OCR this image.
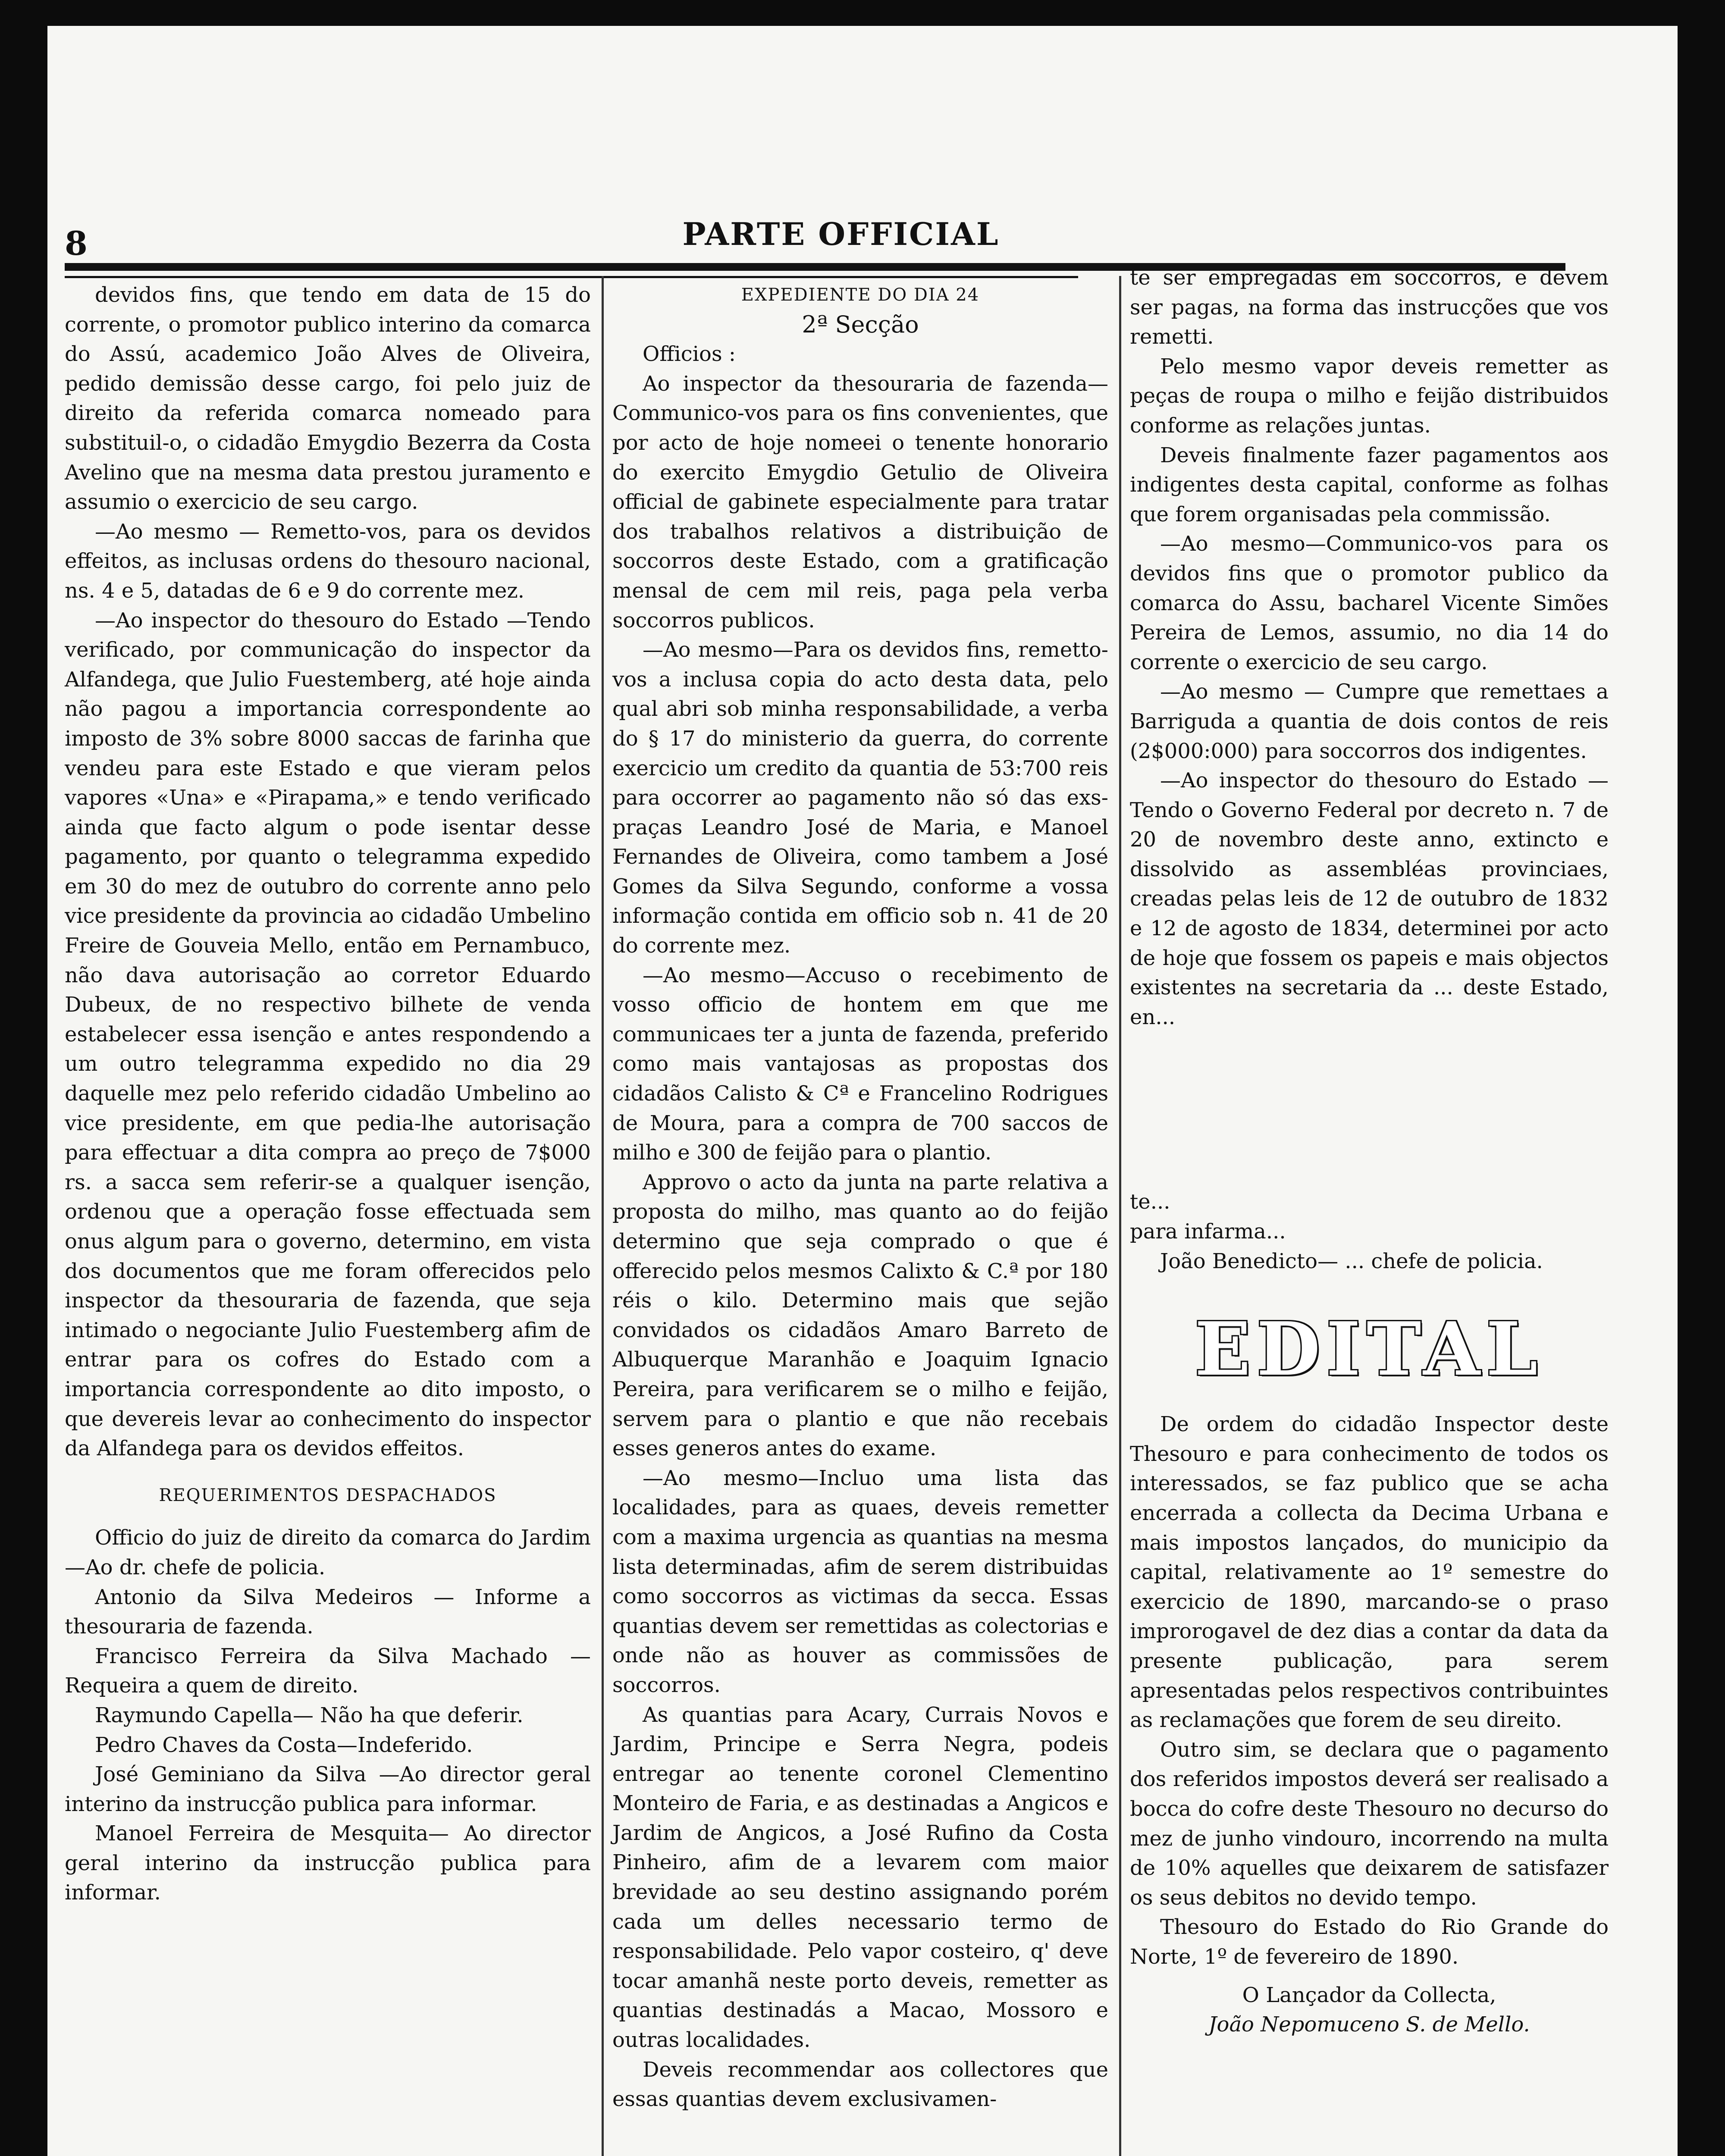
8	PARTE OFFICIAL

devidos fins, que tendo em data de 15 do corrente, o promotor publico interino da comarca do Assú, academico João Alves de Oliveira, pedido demissão desse cargo, foi pelo juiz de direito da referida comarca nomeado para substituil-o, o cidadão Emygdio Bezerra da Costa Avelino que na mesma data prestou juramento e assumio o exercicio de seu cargo.

—Ao mesmo — Remetto-vos, para os devidos effeitos, as inclusas ordens do thesouro nacional, ns. 4 e 5, datadas de 6 e 9 do corrente mez.

—Ao inspector do thesouro do Estado —Tendo verificado, por communicação do inspector da Alfandega, que Julio Fuestemberg, até hoje ainda não pagou a importancia correspondente ao imposto de 3% sobre 8000 saccas de farinha que vendeu para este Estado e que vieram pelos vapores «Una» e «Pirapama,» e tendo verificado ainda que facto algum o pode isentar desse pagamento, por quanto o telegramma expedido em 30 do mez de outubro do corrente anno pelo vice presidente da provincia ao cidadão Umbelino Freire de Gouveia Mello, então em Pernambuco, não dava autorisação ao corretor Eduardo Dubeux, de no respectivo bilhete de venda estabelecer essa isenção e antes respondendo a um outro telegramma expedido no dia 29 daquelle mez pelo referido cidadão Umbelino ao vice presidente, em que pedia-lhe autorisação para effectuar a dita compra ao preço de 7$000 rs. a sacca sem referir-se a qualquer isenção, ordenou que a operação fosse effectuada sem onus algum para o governo, determino, em vista dos documentos que me foram offerecidos pelo inspector da thesouraria de fazenda, que seja intimado o negociante Julio Fuestemberg afim de entrar para os cofres do Estado com a importancia correspondente ao dito imposto, o que devereis levar ao conhecimento do inspector da Alfandega para os devidos effeitos.

REQUERIMENTOS DESPACHADOS

Officio do juiz de direito da comarca do Jardim —Ao dr. chefe de policia.

Antonio da Silva Medeiros — Informe a thesouraria de fazenda.

Francisco Ferreira da Silva Machado —Requeira a quem de direito.

Raymundo Capella— Não ha que deferir.

Pedro Chaves da Costa—Indeferido.

José Geminiano da Silva —Ao director geral interino da instrucção publica para informar.

Manoel Ferreira de Mesquita— Ao director geral interino da instrucção publica para informar.

EXPEDIENTE DO DIA 24

2ª Secção

Officios :

Ao inspector da thesouraria de fazenda—Communico-vos para os fins convenientes, que por acto de hoje nomeei o tenente honorario do exercito Emygdio Getulio de Oliveira official de gabinete especialmente para tratar dos trabalhos relativos a distribuição de soccorros deste Estado, com a gratificação mensal de cem mil reis, paga pela verba soccorros publicos.

—Ao mesmo—Para os devidos fins, remetto-vos a inclusa copia do acto desta data, pelo qual abri sob minha responsabilidade, a verba do § 17 do ministerio da guerra, do corrente exercicio um credito da quantia de 53:700 reis para occorrer ao pagamento não só das exs-praças Leandro José de Maria, e Manoel Fernandes de Oliveira, como tambem a José Gomes da Silva Segundo, conforme a vossa informação contida em officio sob n. 41 de 20 do corrente mez.

—Ao mesmo—Accuso o recebimento de vosso officio de hontem em que me communicaes ter a junta de fazenda, preferido como mais vantajosas as propostas dos cidadãos Calisto & Cª e Francelino Rodrigues de Moura, para a compra de 700 saccos de milho e 300 de feijão para o plantio.

Approvo o acto da junta na parte relativa a proposta do milho, mas quanto ao do feijão determino que seja comprado o que é offerecido pelos mesmos Calixto & C.ª por 180 réis o kilo. Determino mais que sejão convidados os cidadãos Amaro Barreto de Albuquerque Maranhão e Joaquim Ignacio Pereira, para verificarem se o milho e feijão, servem para o plantio e que não recebais esses generos antes do exame.

—Ao mesmo—Incluo uma lista das localidades, para as quaes, deveis remetter com a maxima urgencia as quantias na mesma lista determinadas, afim de serem distribuidas como soccorros as victimas da secca. Essas quantias devem ser remettidas as colectorias e onde não as houver as commissões de soccorros.

As quantias para Acary, Currais Novos e Jardim, Principe e Serra Negra, podeis entregar ao tenente coronel Clementino Monteiro de Faria, e as destinadas a Angicos e Jardim de Angicos, a José Rufino da Costa Pinheiro, afim de a levarem com maior brevidade ao seu destino assignando porém cada um delles necessario termo de responsabilidade. Pelo vapor costeiro, q' deve tocar amanhã neste porto deveis, remetter as quantias destinadás a Macao, Mossoro e outras localidades.

Deveis recommendar aos collectores que essas quantias devem exclusivamen-

te ser empregadas em soccorros, e devem ser pagas, na forma das instrucções que vos remetti.

Pelo mesmo vapor deveis remetter as peças de roupa o milho e feijão distribuidos conforme as relações juntas.

Deveis finalmente fazer pagamentos aos indigentes desta capital, conforme as folhas que forem organisadas pela commissão.

—Ao mesmo—Communico-vos para os devidos fins que o promotor publico da comarca do Assu, bacharel Vicente Simões Pereira de Lemos, assumio, no dia 14 do corrente o exercicio de seu cargo.

—Ao mesmo — Cumpre que remettaes a Barriguda a quantia de dois contos de reis (2$000:000) para soccorros dos indigentes.

—Ao inspector do thesouro do Estado —Tendo o Governo Federal por decreto n. 7 de 20 de novembro deste anno, extincto e dissolvido as assembléas provinciaes, creadas pelas leis de 12 de outubro de 1832 e 12 de agosto de 1834, determinei por acto de hoje que fossem os papeis e mais objectos existentes na secretaria da ... deste Estado, en...

te...

para infarma...

João Benedicto— ... chefe de policia.

EDITAL

De ordem do cidadão Inspector deste Thesouro e para conhecimento de todos os interessados, se faz publico que se acha encerrada a collecta da Decima Urbana e mais impostos lançados, do municipio da capital, relativamente ao 1º semestre do exercicio de 1890, marcando-se o praso improrogavel de dez dias a contar da data da presente publicação, para serem apresentadas pelos respectivos contribuintes as reclamações que forem de seu direito.

Outro sim, se declara que o pagamento dos referidos impostos deverá ser realisado a bocca do cofre deste Thesouro no decurso do mez de junho vindouro, incorrendo na multa de 10% aquelles que deixarem de satisfazer os seus debitos no devido tempo.

Thesouro do Estado do Rio Grande do Norte, 1º de fevereiro de 1890.

O Lançador da Collecta,

João Nepomuceno S. de Mello.
